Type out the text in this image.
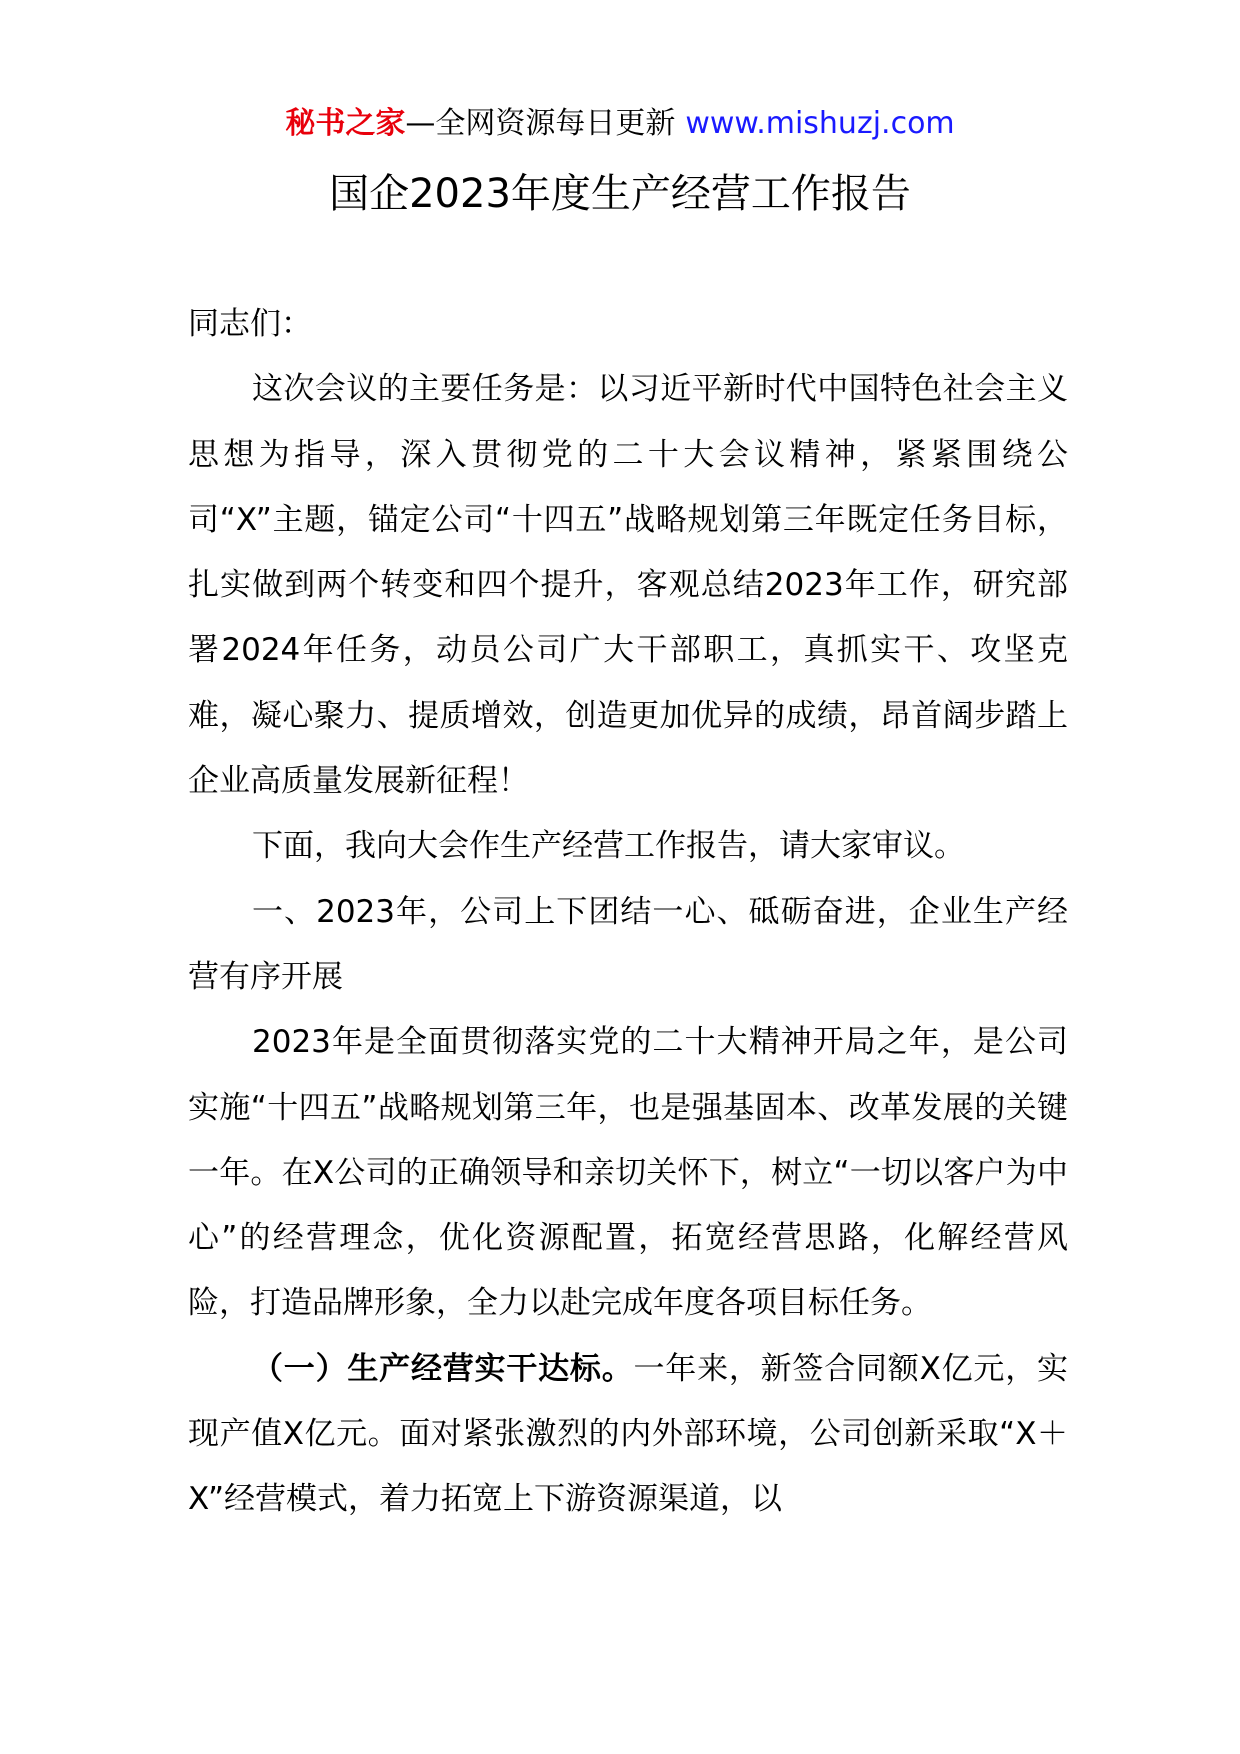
秘书之家—全网资源每日更新 www.mishuzj.com
国企2023年度生产经营工作报告

同志们：

这次会议的主要任务是：以习近平新时代中国特色社会主义思想为指导，深入贯彻党的二十大会议精神，紧紧围绕公司“X”主题，锚定公司“十四五”战略规划第三年既定任务目标，扎实做到两个转变和四个提升，客观总结2023年工作，研究部署2024年任务，动员公司广大干部职工，真抓实干、攻坚克难，凝心聚力、提质增效，创造更加优异的成绩，昂首阔步踏上企业高质量发展新征程！

下面，我向大会作生产经营工作报告，请大家审议。

一、2023年，公司上下团结一心、砥砺奋进，企业生产经营有序开展

2023年是全面贯彻落实党的二十大精神开局之年，是公司实施“十四五”战略规划第三年，也是强基固本、改革发展的关键一年。在X公司的正确领导和亲切关怀下，树立“一切以客户为中心”的经营理念，优化资源配置，拓宽经营思路，化解经营风险，打造品牌形象，全力以赴完成年度各项目标任务。

（一）生产经营实干达标。一年来，新签合同额X亿元，实现产值X亿元。面对紧张激烈的内外部环境，公司创新采取“X＋X”经营模式，着力拓宽上下游资源渠道，以
